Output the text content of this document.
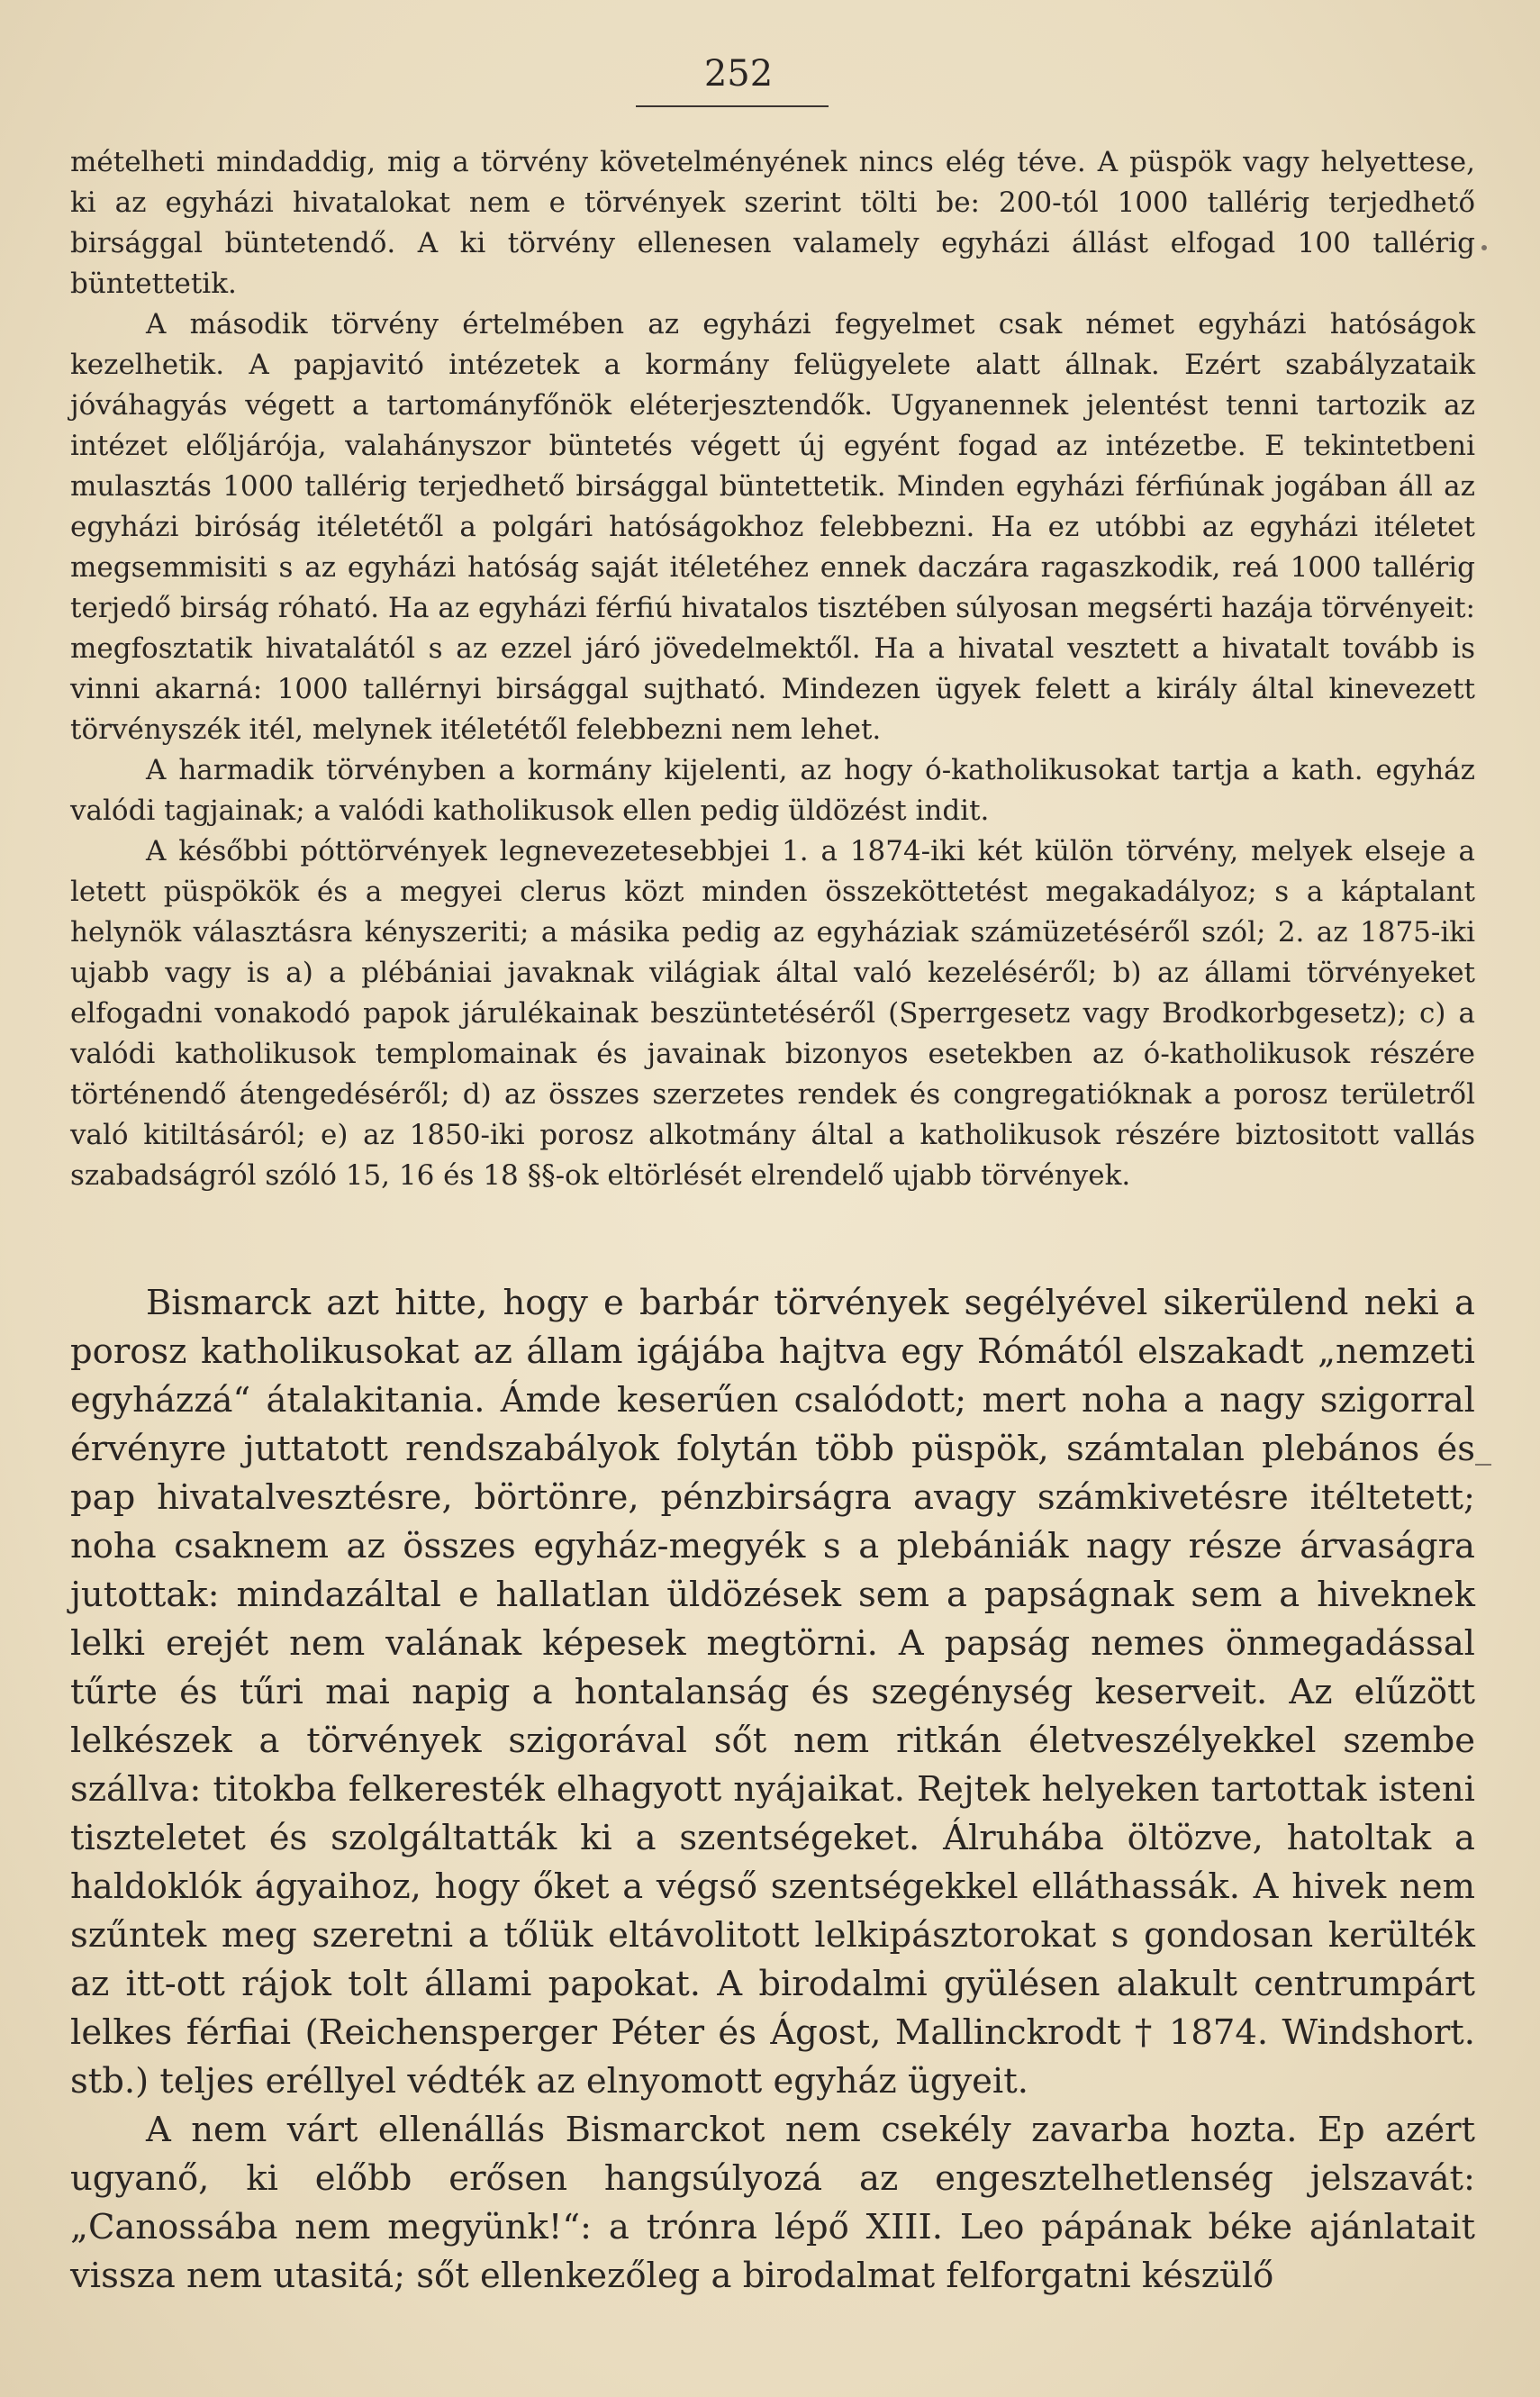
252

mételheti mindaddig, mig a törvény követelményének nincs elég téve. A püspök vagy helyettese, ki az egyházi hivatalokat nem e törvények szerint tölti be: 200-tól 1000 tallérig terjedhető birsággal büntetendő. A ki törvény ellenesen valamely egyházi állást elfogad 100 tallérig büntettetik.

A második törvény értelmében az egyházi fegyelmet csak német egyházi hatóságok kezelhetik. A papjavitó intézetek a kormány felügyelete alatt állnak. Ezért szabályzataik jóváhagyás végett a tartományfőnök eléterjesztendők. Ugyanennek jelentést tenni tartozik az intézet előljárója, valahányszor büntetés végett új egyént fogad az intézetbe. E tekintetbeni mulasztás 1000 tallérig terjedhető birsággal büntettetik. Minden egyházi férfiúnak jogában áll az egyházi biróság itéletétől a polgári hatóságokhoz felebbezni. Ha ez utóbbi az egyházi itéletet megsemmisiti s az egyházi hatóság saját itéletéhez ennek daczára ragaszkodik, reá 1000 tallérig terjedő birság róható. Ha az egyházi férfiú hivatalos tisztében súlyosan megsérti hazája törvényeit: megfosztatik hivatalától s az ezzel járó jövedelmektől. Ha a hivatal vesztett a hivatalt tovább is vinni akarná: 1000 tallérnyi birsággal sujtható. Mindezen ügyek felett a király által kinevezett törvényszék itél, melynek itéletétől felebbezni nem lehet.

A harmadik törvényben a kormány kijelenti, az hogy ó-katholikusokat tartja a kath. egyház valódi tagjainak; a valódi katholikusok ellen pedig üldözést indit.

A későbbi póttörvények legnevezetesebbjei 1. a 1874-iki két külön törvény, melyek elseje a letett püspökök és a megyei clerus közt minden összeköttetést megakadályoz; s a káptalant helynök választásra kényszeriti; a másika pedig az egyháziak számüzetéséről szól; 2. az 1875-iki ujabb vagy is a) a plébániai javaknak világiak által való kezeléséről; b) az állami törvényeket elfogadni vonakodó papok járulékainak beszüntetéséről (Sperrgesetz vagy Brodkorbgesetz); c) a valódi katholikusok templomainak és javainak bizonyos esetekben az ó-katholikusok részére történendő átengedéséről; d) az összes szerzetes rendek és congregatióknak a porosz területről való kitiltásáról; e) az 1850-iki porosz alkotmány által a katholikusok részére biztositott vallás szabadságról szóló 15, 16 és 18 §§-ok eltörlését elrendelő ujabb törvények.

Bismarck azt hitte, hogy e barbár törvények segélyével sikerülend neki a porosz katholikusokat az állam igájába hajtva egy Rómától elszakadt „nemzeti egyházzá“ átalakitania. Ámde keserűen csalódott; mert noha a nagy szigorral érvényre juttatott rendszabályok folytán több püspök, számtalan plebános és pap hivatalvesztésre, börtönre, pénzbirságra avagy számkivetésre itéltetett; noha csaknem az összes egyház-megyék s a plebániák nagy része árvaságra jutottak: mindazáltal e hallatlan üldözések sem a papságnak sem a hiveknek lelki erejét nem valának képesek megtörni. A papság nemes önmegadással tűrte és tűri mai napig a hontalanság és szegénység keserveit. Az elűzött lelkészek a törvények szigorával sőt nem ritkán életveszélyekkel szembe szállva: titokba felkeresték elhagyott nyájaikat. Rejtek helyeken tartottak isteni tiszteletet és szolgáltatták ki a szentségeket. Álruhába öltözve, hatoltak a haldoklók ágyaihoz, hogy őket a végső szentségekkel elláthassák. A hivek nem szűntek meg szeretni a tőlük eltávolitott lelkipásztorokat s gondosan kerülték az itt-ott rájok tolt állami papokat. A birodalmi gyülésen alakult centrumpárt lelkes férfiai (Reichensperger Péter és Ágost, Mallinckrodt † 1874. Windshort. stb.) teljes eréllyel védték az elnyomott egyház ügyeit.

A nem várt ellenállás Bismarckot nem csekély zavarba hozta. Ep azért ugyanő, ki előbb erősen hangsúlyozá az engesztelhetlenség jelszavát: „Canossába nem megyünk!“: a trónra lépő XIII. Leo pápának béke ajánlatait vissza nem utasitá; sőt ellenkezőleg a birodalmat felforgatni készülő
